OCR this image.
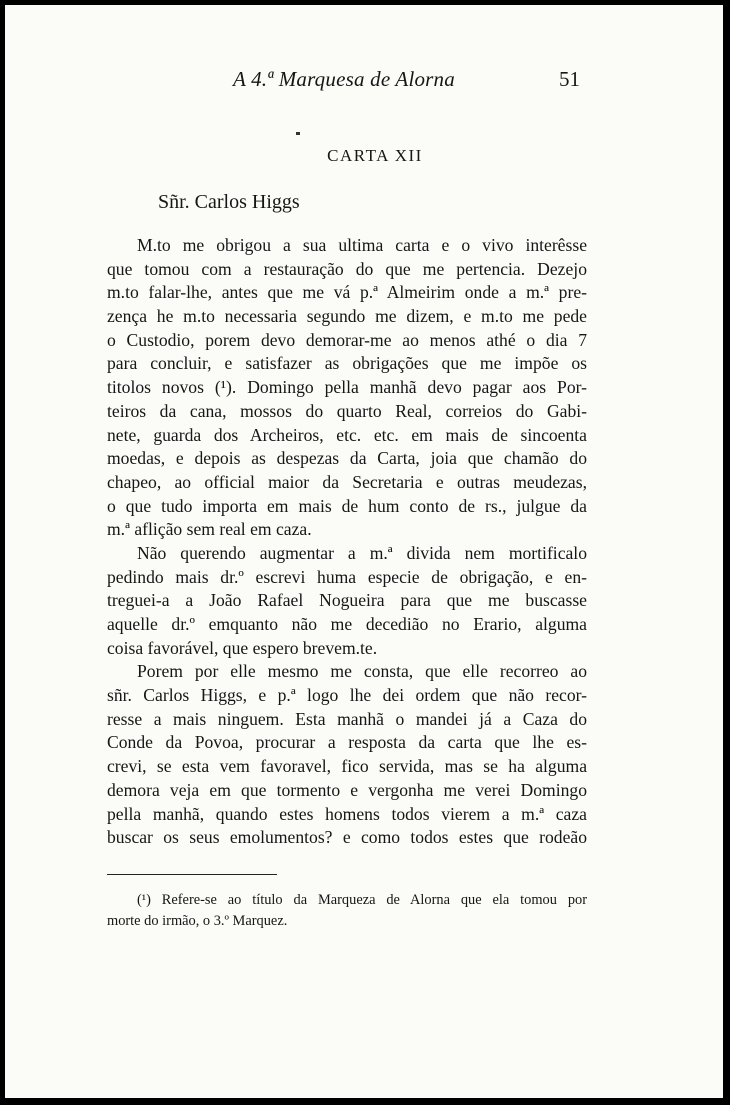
A 4.ª Marquesa de Alorna	51
CARTA XII
Sñr. Carlos Higgs
M.to me obrigou a sua ultima carta e o vivo interêsse
que tomou com a restauração do que me pertencia. Dezejo
m.to falar-lhe, antes que me vá p.ª Almeirim onde a m.ª pre-
zença he m.to necessaria segundo me dizem, e m.to me pede
o Custodio, porem devo demorar-me ao menos athé o dia 7
para concluir, e satisfazer as obrigações que me impõe os
titolos novos (¹). Domingo pella manhã devo pagar aos Por-
teiros da cana, mossos do quarto Real, correios do Gabi-
nete, guarda dos Archeiros, etc. etc. em mais de sincoenta
moedas, e depois as despezas da Carta, joia que chamão do
chapeo, ao official maior da Secretaria e outras meudezas,
o que tudo importa em mais de hum conto de rs., julgue da
m.ª aflição sem real em caza.
Não querendo augmentar a m.ª divida nem mortificalo
pedindo mais dr.º escrevi huma especie de obrigação, e en-
treguei-a a João Rafael Nogueira para que me buscasse
aquelle dr.º emquanto não me decedião no Erario, alguma
coisa favorável, que espero brevem.te.
Porem por elle mesmo me consta, que elle recorreo ao
sñr. Carlos Higgs, e p.ª logo lhe dei ordem que não recor-
resse a mais ninguem. Esta manhã o mandei já a Caza do
Conde da Povoa, procurar a resposta da carta que lhe es-
crevi, se esta vem favoravel, fico servida, mas se ha alguma
demora veja em que tormento e vergonha me verei Domingo
pella manhã, quando estes homens todos vierem a m.ª caza
buscar os seus emolumentos? e como todos estes que rodeão
(¹) Refere-se ao título da Marqueza de Alorna que ela tomou por
morte do irmão, o 3.º Marquez.
